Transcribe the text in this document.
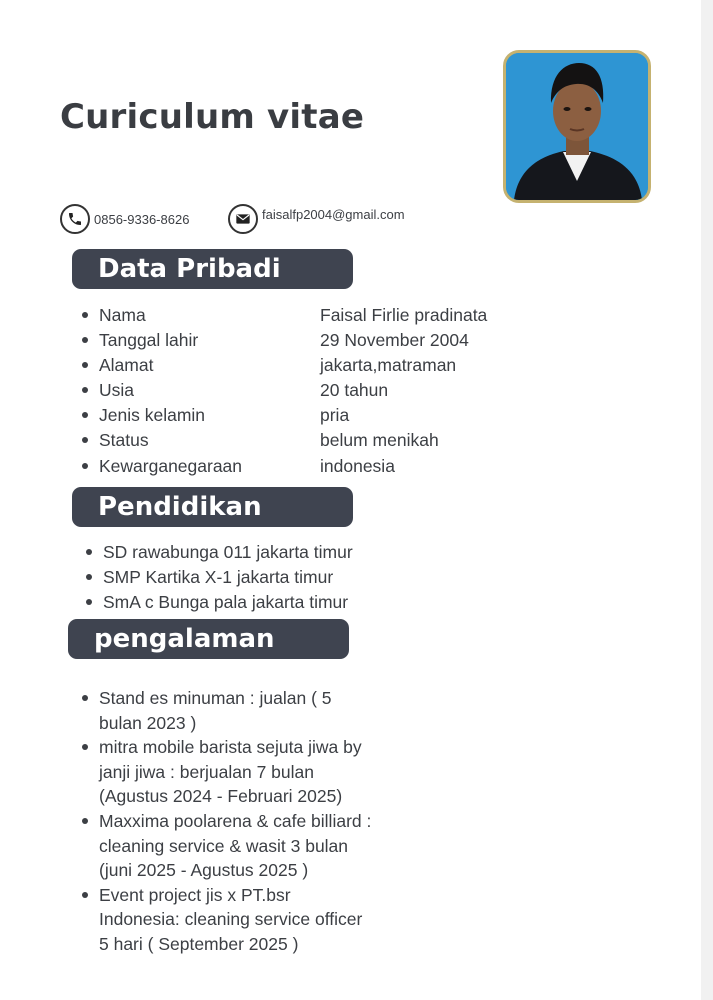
Curiculum vitae
0856-9336-8626	faisalfp2004@gmail.com
Data Pribadi
Nama	Faisal Firlie pradinata
Tanggal lahir	29 November 2004
Alamat	jakarta,matraman
Usia	20 tahun
Jenis kelamin	pria
Status	belum menikah
Kewarganegaraan	indonesia
Pendidikan
SD rawabunga 011 jakarta timur
SMP Kartika X-1 jakarta timur
SmA c Bunga pala jakarta timur
pengalaman
Stand es minuman : jualan ( 5
bulan 2023 )
mitra mobile barista sejuta jiwa by
janji jiwa : berjualan 7 bulan
(Agustus 2024 - Februari 2025)
Maxxima poolarena & cafe billiard :
cleaning service & wasit 3 bulan
(juni 2025 - Agustus 2025 )
Event project jis x PT.bsr
Indonesia: cleaning service officer
5 hari ( September 2025 )
